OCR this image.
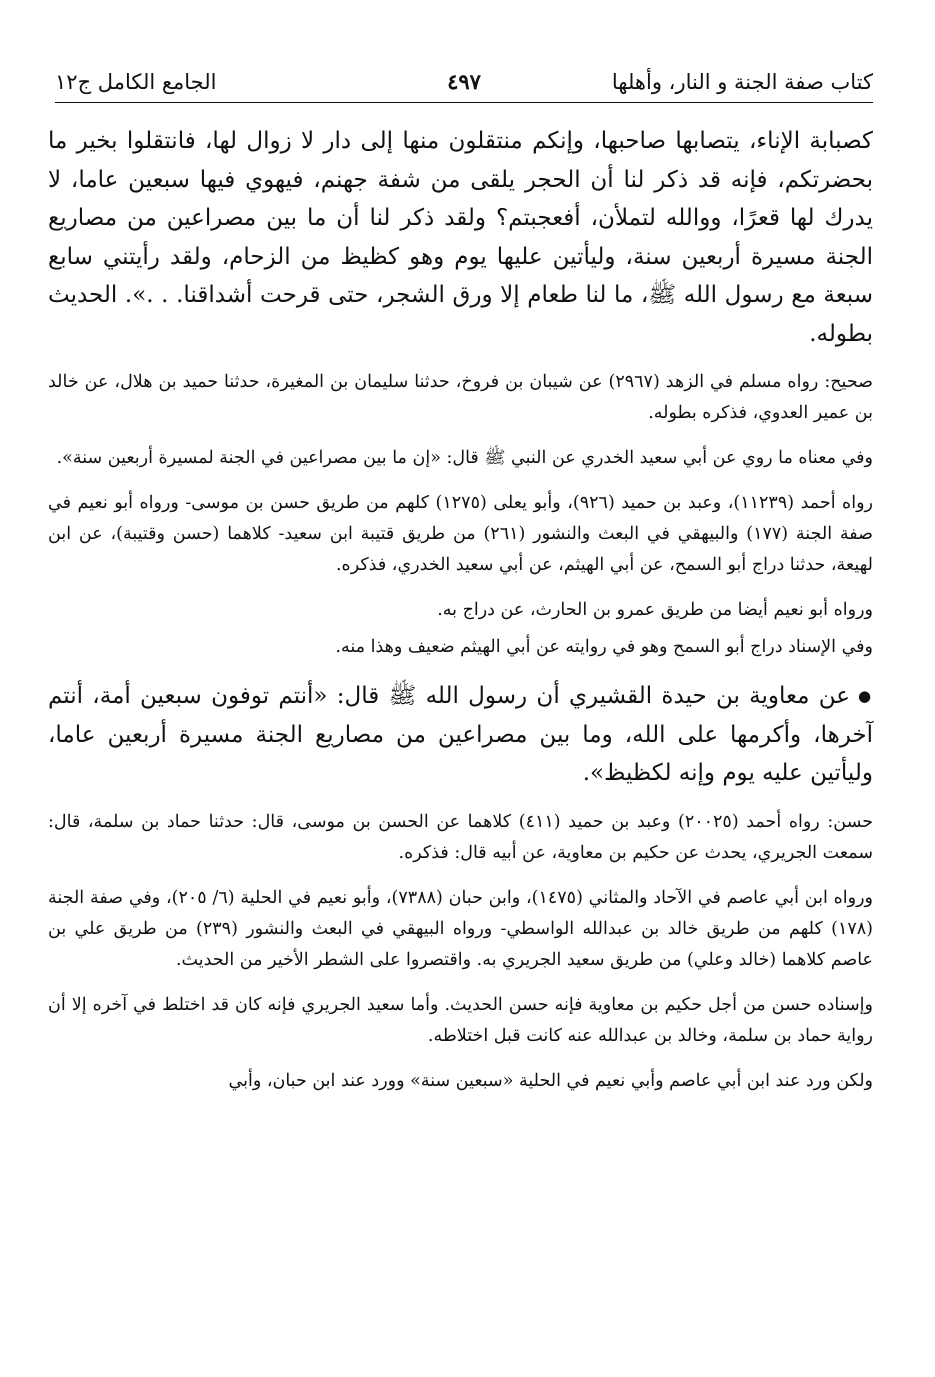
كتاب صفة الجنة و النار، وأهلها
٤٩٧
الجامع الكامل ج١٢

كصبابة الإناء، يتصابها صاحبها، وإنكم منتقلون منها إلى دار لا زوال لها، فانتقلوا بخير ما بحضرتكم، فإنه قد ذكر لنا أن الحجر يلقى من شفة جهنم، فيهوي فيها سبعين عاما، لا يدرك لها قعرًا، ووالله لتملأن، أفعجبتم؟ ولقد ذكر لنا أن ما بين مصراعين من مصاريع الجنة مسيرة أربعين سنة، وليأتين عليها يوم وهو كظيظ من الزحام، ولقد رأيتني سابع سبعة مع رسول الله ﷺ، ما لنا طعام إلا ورق الشجر، حتى قرحت أشداقنا. . .». الحديث بطوله.

صحيح: رواه مسلم في الزهد (٢٩٦٧) عن شيبان بن فروخ، حدثنا سليمان بن المغيرة، حدثنا حميد بن هلال، عن خالد بن عمير العدوي، فذكره بطوله.

وفي معناه ما روي عن أبي سعيد الخدري عن النبي ﷺ قال: «إن ما بين مصراعين في الجنة لمسيرة أربعين سنة».

رواه أحمد (١١٢٣٩)، وعبد بن حميد (٩٢٦)، وأبو يعلى (١٢٧٥) كلهم من طريق حسن بن موسى- ورواه أبو نعيم في صفة الجنة (١٧٧) والبيهقي في البعث والنشور (٢٦١) من طريق قتيبة ابن سعيد- كلاهما (حسن وقتيبة)، عن ابن لهيعة، حدثنا دراج أبو السمح، عن أبي الهيثم، عن أبي سعيد الخدري، فذكره.

ورواه أبو نعيم أيضا من طريق عمرو بن الحارث، عن دراج به.

وفي الإسناد دراج أبو السمح وهو في روايته عن أبي الهيثم ضعيف وهذا منه.

● عن معاوية بن حيدة القشيري أن رسول الله ﷺ قال: «أنتم توفون سبعين أمة، أنتم آخرها، وأكرمها على الله، وما بين مصراعين من مصاريع الجنة مسيرة أربعين عاما، وليأتين عليه يوم وإنه لكظيظ».

حسن: رواه أحمد (٢٠٠٢٥) وعبد بن حميد (٤١١) كلاهما عن الحسن بن موسى، قال: حدثنا حماد بن سلمة، قال: سمعت الجريري، يحدث عن حكيم بن معاوية، عن أبيه قال: فذكره.

ورواه ابن أبي عاصم في الآحاد والمثاني (١٤٧٥)، وابن حبان (٧٣٨٨)، وأبو نعيم في الحلية (٦/ ٢٠٥)، وفي صفة الجنة (١٧٨) كلهم من طريق خالد بن عبدالله الواسطي- ورواه البيهقي في البعث والنشور (٢٣٩) من طريق علي بن عاصم كلاهما (خالد وعلي) من طريق سعيد الجريري به. واقتصروا على الشطر الأخير من الحديث.

وإسناده حسن من أجل حكيم بن معاوية فإنه حسن الحديث. وأما سعيد الجريري فإنه كان قد اختلط في آخره إلا أن رواية حماد بن سلمة، وخالد بن عبدالله عنه كانت قبل اختلاطه.

ولكن ورد عند ابن أبي عاصم وأبي نعيم في الحلية «سبعين سنة» وورد عند ابن حبان، وأبي
